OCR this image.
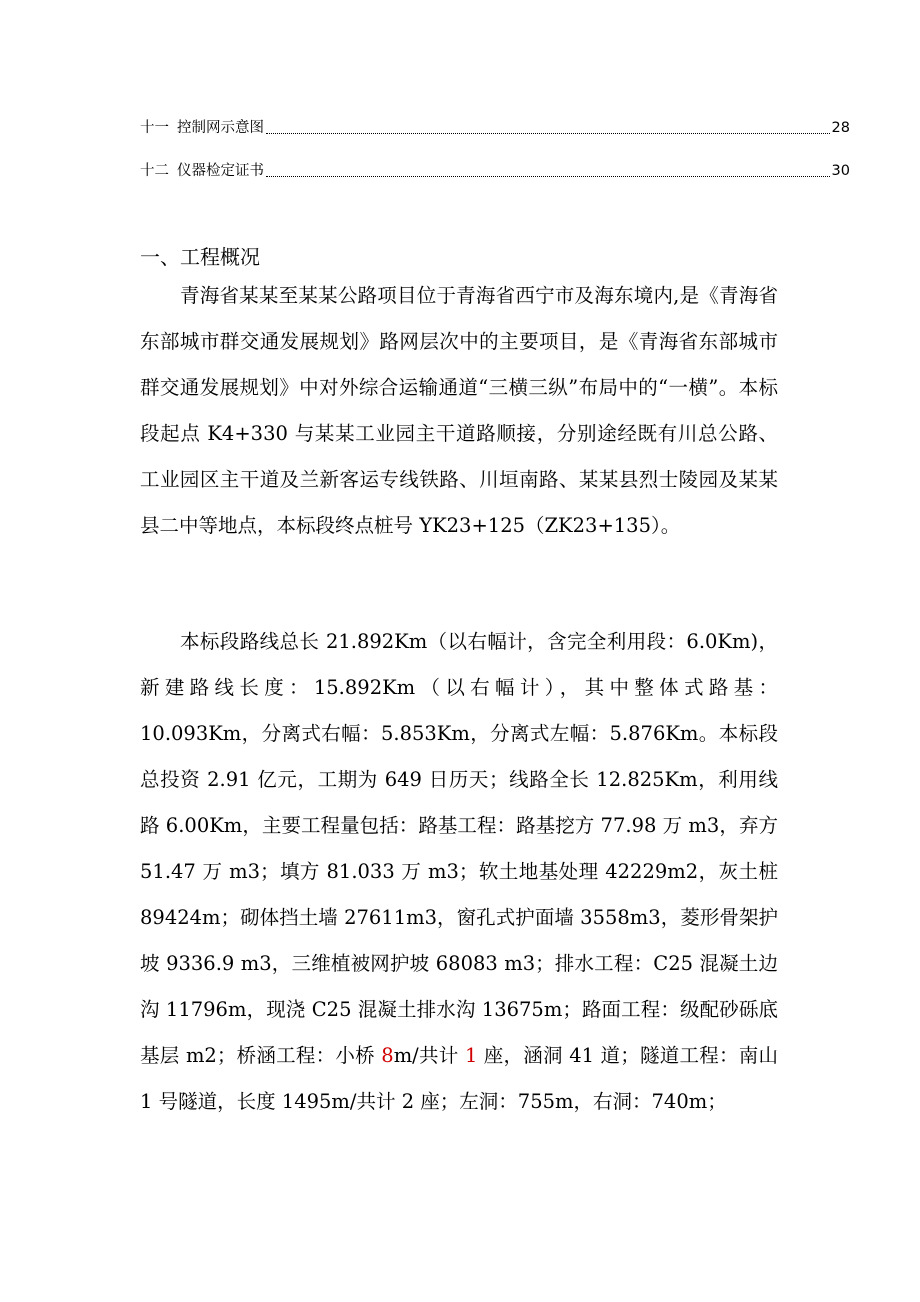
十一 控制网示意图	28
十二 仪器检定证书	30
一、工程概况

青海省某某至某某公路项目位于青海省西宁市及海东境内,是《青海省东部城市群交通发展规划》路网层次中的主要项目，是《青海省东部城市群交通发展规划》中对外综合运输通道“三横三纵”布局中的“一横”。本标段起点 K4+330 与某某工业园主干道路顺接，分别途经既有川总公路、工业园区主干道及兰新客运专线铁路、川垣南路、某某县烈士陵园及某某县二中等地点，本标段终点桩号 YK23+125（ZK23+135）。

本标段路线总长 21.892Km（以右幅计，含完全利用段：6.0Km)，新建路线长度：15.892Km（以右幅计），其中整体式路基：10.093Km，分离式右幅：5.853Km，分离式左幅：5.876Km。本标段总投资 2.91 亿元，工期为 649 日历天；线路全长 12.825Km，利用线路 6.00Km，主要工程量包括：路基工程：路基挖方 77.98 万 m3，弃方 51.47 万 m3；填方 81.033 万 m3；软土地基处理 42229m2，灰土桩 89424m；砌体挡土墙 27611m3，窗孔式护面墙 3558m3，菱形骨架护坡 9336.9 m3，三维植被网护坡 68083 m3；排水工程：C25 混凝土边沟 11796m，现浇 C25 混凝土排水沟 13675m；路面工程：级配砂砾底基层 m2；桥涵工程：小桥 8m/共计 1 座，涵洞 41 道；隧道工程：南山 1 号隧道，长度 1495m/共计 2 座；左洞：755m，右洞：740m；
